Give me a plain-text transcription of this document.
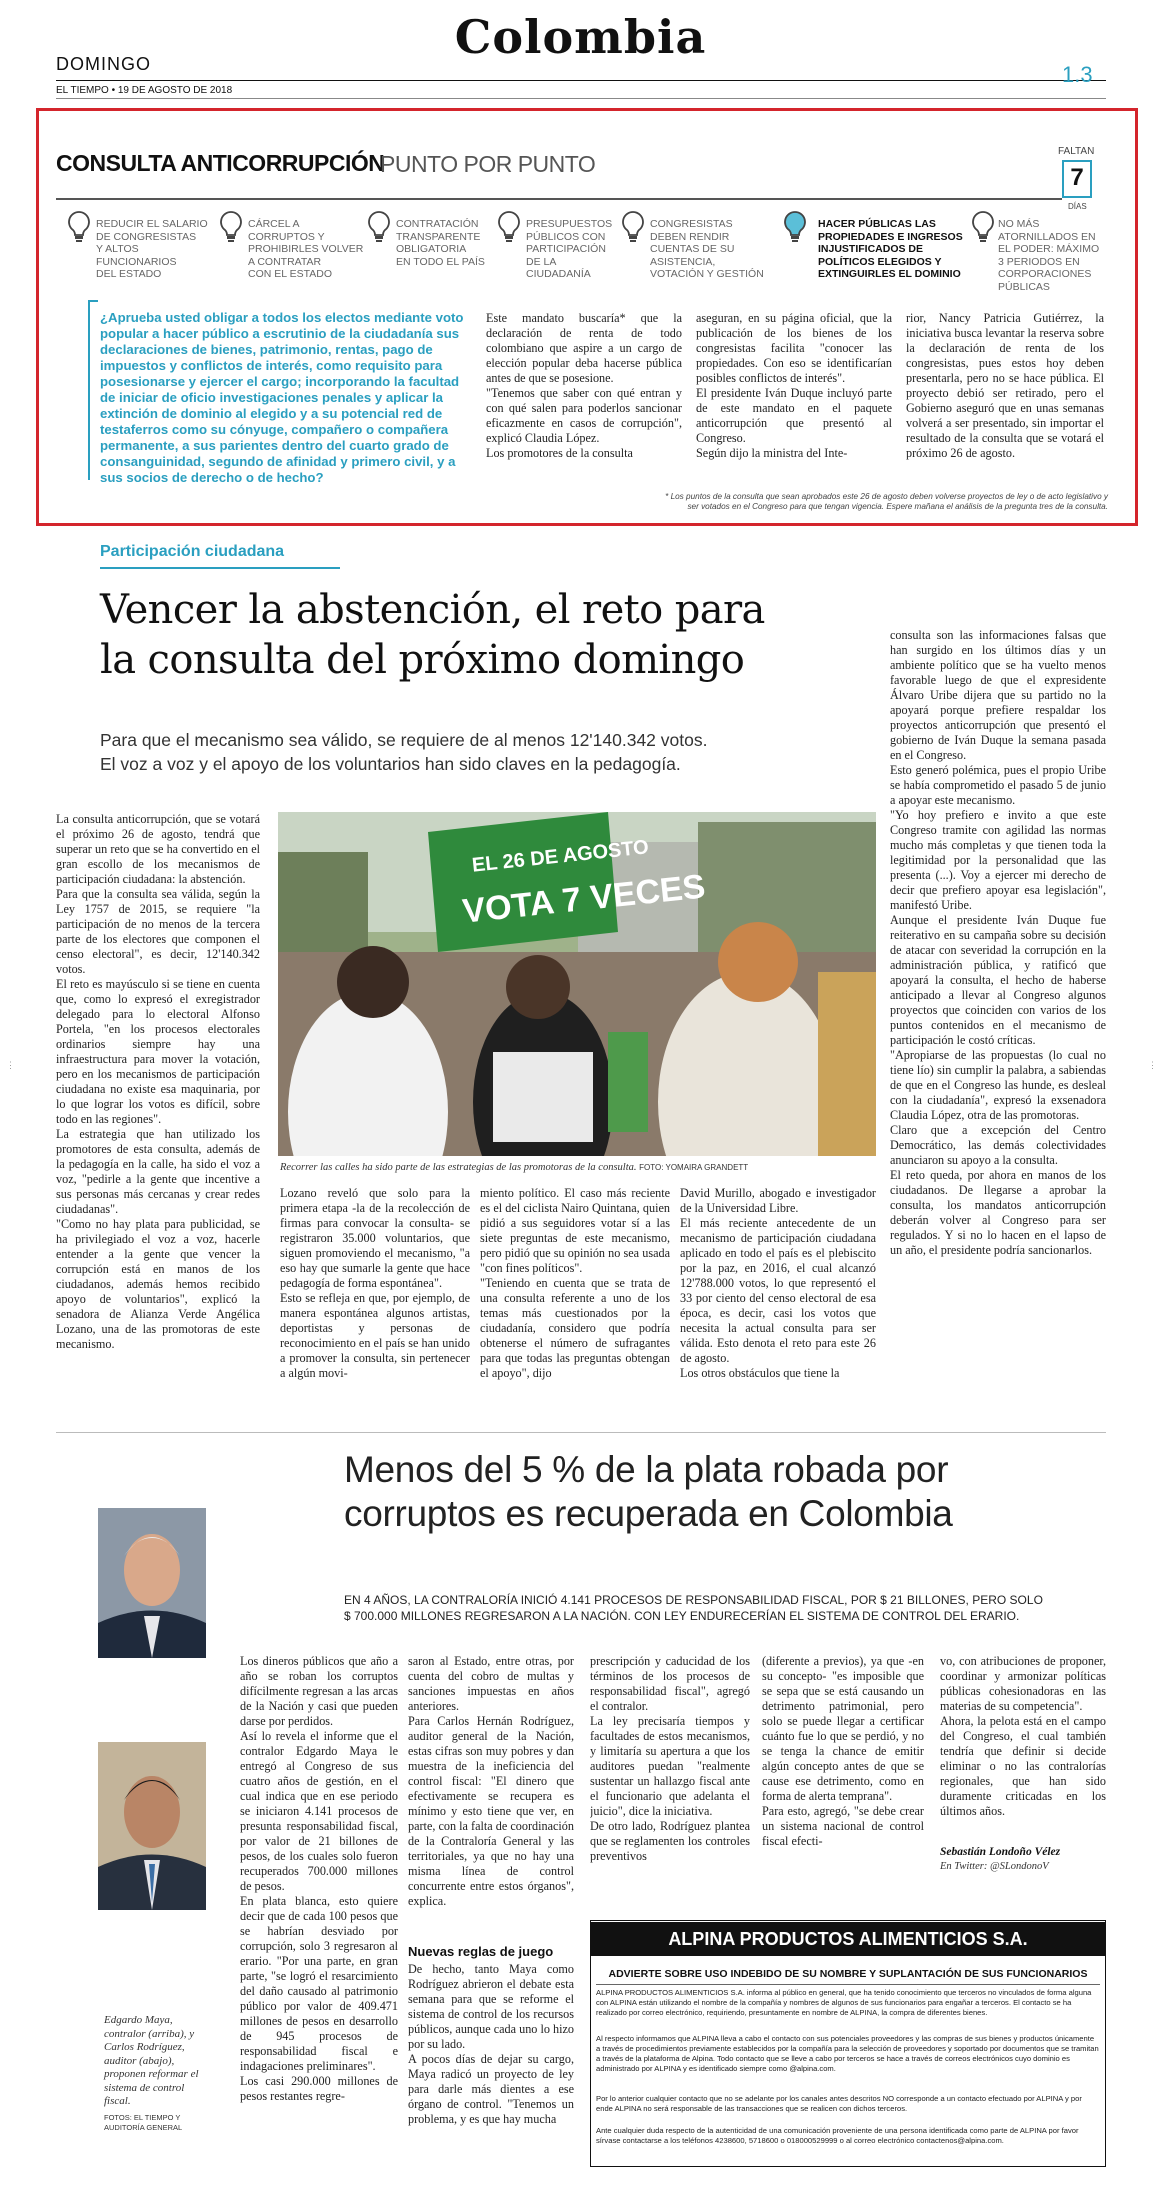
Colombia
DOMINGO
EL TIEMPO • 19 DE AGOSTO DE 2018
1.3
CONSULTA ANTICORRUPCIÓN
PUNTO POR PUNTO	FALTAN
7
DÍAS
REDUCIR EL SALARIO
DE CONGRESISTAS
Y ALTOS
FUNCIONARIOS
DEL ESTADO
CÁRCEL A
CORRUPTOS Y
PROHIBIRLES VOLVER
A CONTRATAR
CON EL ESTADO
CONTRATACIÓN
TRANSPARENTE
OBLIGATORIA
EN TODO EL PAÍS
PRESUPUESTOS
PÚBLICOS CON
PARTICIPACIÓN
DE LA
CIUDADANÍA
CONGRESISTAS
DEBEN RENDIR
CUENTAS DE SU
ASISTENCIA,
VOTACIÓN Y GESTIÓN
HACER PÚBLICAS LAS
PROPIEDADES E INGRESOS
INJUSTIFICADOS DE
POLÍTICOS ELEGIDOS Y
EXTINGUIRLES EL DOMINIO
NO MÁS
ATORNILLADOS EN
EL PODER: MÁXIMO
3 PERIODOS EN
CORPORACIONES
PÚBLICAS
¿Aprueba usted obligar a todos los electos mediante voto popular a hacer público a escrutinio de la ciudadanía sus declaraciones de bienes, patrimonio, rentas, pago de impuestos y conflictos de interés, como requisito para posesionarse y ejercer el cargo; incorporando la facultad de iniciar de oficio investigaciones penales y aplicar la extinción de dominio al elegido y a su potencial red de testaferros como su cónyuge, compañero o compañera permanente, a sus parientes dentro del cuarto grado de consanguinidad, segundo de afinidad y primero civil, y a sus socios de derecho o de hecho?
Este mandato buscaría* que la declaración de renta de todo colombiano que aspire a un cargo de elección popular deba hacerse pública antes de que se posesione.
"Tenemos que saber con qué entran y con qué salen para poderlos sancionar eficazmente en casos de corrupción", explicó Claudia López.
Los promotores de la consulta
aseguran, en su página oficial, que la publicación de los bienes de los congresistas facilita "conocer las propiedades. Con eso se identificarían posibles conflictos de interés".
El presidente Iván Duque incluyó parte de este mandato en el paquete anticorrupción que presentó al Congreso.
Según dijo la ministra del Inte-
rior, Nancy Patricia Gutiérrez, la iniciativa busca levantar la reserva sobre la declaración de renta de los congresistas, pues estos hoy deben presentarla, pero no se hace pública. El proyecto debió ser retirado, pero el Gobierno aseguró que en unas semanas volverá a ser presentado, sin importar el resultado de la consulta que se votará el próximo 26 de agosto.
* Los puntos de la consulta que sean aprobados este 26 de agosto deben volverse proyectos de ley o de acto legislativo y
ser votados en el Congreso para que tengan vigencia. Espere mañana el análisis de la pregunta tres de la consulta.
Participación ciudadana
Vencer la abstención, el reto para
la consulta del próximo domingo
Para que el mecanismo sea válido, se requiere de al menos 12'140.342 votos.
El voz a voz y el apoyo de los voluntarios han sido claves en la pedagogía.
La consulta anticorrupción, que se votará el próximo 26 de agosto, tendrá que superar un reto que se ha convertido en el gran escollo de los mecanismos de participación ciudadana: la abstención.
Para que la consulta sea válida, según la Ley 1757 de 2015, se requiere "la participación de no menos de la tercera parte de los electores que componen el censo electoral", es decir, 12'140.342 votos.
El reto es mayúsculo si se tiene en cuenta que, como lo expresó el exregistrador delegado para lo electoral Alfonso Portela, "en los procesos electorales ordinarios siempre hay una infraestructura para mover la votación, pero en los mecanismos de participación ciudadana no existe esa maquinaria, por lo que lograr los votos es difícil, sobre todo en las regiones".
La estrategia que han utilizado los promotores de esta consulta, además de la pedagogía en la calle, ha sido el voz a voz, "pedirle a la gente que incentive a sus personas más cercanas y crear redes ciudadanas".
"Como no hay plata para publicidad, se ha privilegiado el voz a voz, hacerle entender a la gente que vencer la corrupción está en manos de los ciudadanos, además hemos recibido apoyo de voluntarios", explicó la senadora de Alianza Verde Angélica Lozano, una de las promotoras de este mecanismo.
EL 26 DE AGOSTO
VOTA 7 VECES
Recorrer las calles ha sido parte de las estrategias de las promotoras de la consulta. FOTO: YOMAIRA GRANDETT
Lozano reveló que solo para la primera etapa -la de la recolección de firmas para convocar la consulta- se registraron 35.000 voluntarios, que siguen promoviendo el mecanismo, "a eso hay que sumarle la gente que hace pedagogía de forma espontánea".
Esto se refleja en que, por ejemplo, de manera espontánea algunos artistas, deportistas y personas de reconocimiento en el país se han unido a promover la consulta, sin pertenecer a algún movi-
miento político. El caso más reciente es el del ciclista Nairo Quintana, quien pidió a sus seguidores votar sí a las siete preguntas de este mecanismo, pero pidió que su opinión no sea usada "con fines políticos".
"Teniendo en cuenta que se trata de una consulta referente a uno de los temas más cuestionados por la ciudadanía, considero que podría obtenerse el número de sufragantes para que todas las preguntas obtengan el apoyo", dijo
David Murillo, abogado e investigador de la Universidad Libre.
El más reciente antecedente de un mecanismo de participación ciudadana aplicado en todo el país es el plebiscito por la paz, en 2016, el cual alcanzó 12'788.000 votos, lo que representó el 33 por ciento del censo electoral de esa época, es decir, casi los votos que necesita la actual consulta para ser válida. Esto denota el reto para este 26 de agosto.
Los otros obstáculos que tiene la
consulta son las informaciones falsas que han surgido en los últimos días y un ambiente político que se ha vuelto menos favorable luego de que el expresidente Álvaro Uribe dijera que su partido no la apoyará porque prefiere respaldar los proyectos anticorrupción que presentó el gobierno de Iván Duque la semana pasada en el Congreso.
Esto generó polémica, pues el propio Uribe se había comprometido el pasado 5 de junio a apoyar este mecanismo.
"Yo hoy prefiero e invito a que este Congreso tramite con agilidad las normas mucho más completas y que tienen toda la legitimidad por la personalidad que las presenta (...). Voy a ejercer mi derecho de decir que prefiero apoyar esa legislación", manifestó Uribe.
Aunque el presidente Iván Duque fue reiterativo en su campaña sobre su decisión de atacar con severidad la corrupción en la administración pública, y ratificó que apoyará la consulta, el hecho de haberse anticipado a llevar al Congreso algunos proyectos que coinciden con varios de los puntos contenidos en el mecanismo de participación le costó críticas.
"Apropiarse de las propuestas (lo cual no tiene lío) sin cumplir la palabra, a sabiendas de que en el Congreso las hunde, es desleal con la ciudadanía", expresó la exsenadora Claudia López, otra de las promotoras.
Claro que a excepción del Centro Democrático, las demás colectividades anunciaron su apoyo a la consulta.
El reto queda, por ahora en manos de los ciudadanos. De llegarse a aprobar la consulta, los mandatos anticorrupción deberán volver al Congreso para ser regulados. Y si no lo hacen en el lapso de un año, el presidente podría sancionarlos.
Menos del 5 % de la plata robada por
corruptos es recuperada en Colombia
EN 4 AÑOS, LA CONTRALORÍA INICIÓ 4.141 PROCESOS DE RESPONSABILIDAD FISCAL, POR $ 21 BILLONES, PERO SOLO
$ 700.000 MILLONES REGRESARON A LA NACIÓN. CON LEY ENDURECERÍAN EL SISTEMA DE CONTROL DEL ERARIO.
Edgardo Maya, contralor (arriba), y Carlos Rodríguez, auditor (abajo), proponen reformar el sistema de control fiscal.
FOTOS: EL TIEMPO Y
AUDITORÍA GENERAL
Los dineros públicos que año a año se roban los corruptos difícilmente regresan a las arcas de la Nación y casi que pueden darse por perdidos.
Así lo revela el informe que el contralor Edgardo Maya le entregó al Congreso de sus cuatro años de gestión, en el cual indica que en ese periodo se iniciaron 4.141 procesos de presunta responsabilidad fiscal, por valor de 21 billones de pesos, de los cuales solo fueron recuperados 700.000 millones de pesos.
En plata blanca, esto quiere decir que de cada 100 pesos que se habrían desviado por corrupción, solo 3 regresaron al erario. "Por una parte, en gran parte, "se logró el resarcimiento del daño causado al patrimonio público por valor de 409.471 millones de pesos en desarrollo de 945 procesos de responsabilidad fiscal e indagaciones preliminares".
Los casi 290.000 millones de pesos restantes regre-
saron al Estado, entre otras, por cuenta del cobro de multas y sanciones impuestas en años anteriores.
Para Carlos Hernán Rodríguez, auditor general de la Nación, estas cifras son muy pobres y dan muestra de la ineficiencia del control fiscal: "El dinero que efectivamente se recupera es mínimo y esto tiene que ver, en parte, con la falta de coordinación de la Contraloría General y las territoriales, ya que no hay una misma línea de control concurrente entre estos órganos", explica.
Nuevas reglas de juego
De hecho, tanto Maya como Rodríguez abrieron el debate esta semana para que se reforme el sistema de control de los recursos públicos, aunque cada uno lo hizo por su lado.
A pocos días de dejar su cargo, Maya radicó un proyecto de ley para darle más dientes a ese órgano de control. "Tenemos un problema, y es que hay mucha
prescripción y caducidad de los términos de los procesos de responsabilidad fiscal", agregó el contralor.
La ley precisaría tiempos y facultades de estos mecanismos, y limitaría su apertura a que los auditores puedan "realmente sustentar un hallazgo fiscal ante el funcionario que adelanta el juicio", dice la iniciativa.
De otro lado, Rodríguez plantea que se reglamenten los controles preventivos
(diferente a previos), ya que -en su concepto- "es imposible que se sepa que se está causando un detrimento patrimonial, pero solo se puede llegar a certificar cuánto fue lo que se perdió, y no se tenga la chance de emitir algún concepto antes de que se cause ese detrimento, como en forma de alerta temprana".
Para esto, agregó, "se debe crear un sistema nacional de control fiscal efecti-
vo, con atribuciones de proponer, coordinar y armonizar políticas públicas cohesionadoras en las materias de su competencia".
Ahora, la pelota está en el campo del Congreso, el cual también tendría que definir si decide eliminar o no las contralorías regionales, que han sido duramente criticadas en los últimos años.
Sebastián Londoño Vélez
En Twitter: @SLondonoV
ALPINA PRODUCTOS ALIMENTICIOS S.A.
ADVIERTE SOBRE USO INDEBIDO DE SU NOMBRE Y SUPLANTACIÓN DE SUS FUNCIONARIOS
ALPINA PRODUCTOS ALIMENTICIOS S.A. informa al público en general, que ha tenido conocimiento que terceros no vinculados de forma alguna con ALPINA están utilizando el nombre de la compañía y nombres de algunos de sus funcionarios para engañar a terceros. El contacto se ha realizado por correo electrónico, requiriendo, presuntamente en nombre de ALPINA, la compra de diferentes bienes.
Al respecto informamos que ALPINA lleva a cabo el contacto con sus potenciales proveedores y las compras de sus bienes y productos únicamente a través de procedimientos previamente establecidos por la compañía para la selección de proveedores y soportado por documentos que se tramitan a través de la plataforma de Alpina. Todo contacto que se lleve a cabo por terceros se hace a través de correos electrónicos cuyo dominio es administrado por ALPINA y es identificado siempre como @alpina.com.
Por lo anterior cualquier contacto que no se adelante por los canales antes descritos NO corresponde a un contacto efectuado por ALPINA y por ende ALPINA no será responsable de las transacciones que se realicen con dichos terceros.
Ante cualquier duda respecto de la autenticidad de una comunicación proveniente de una persona identificada como parte de ALPINA por favor sírvase contactarse a los teléfonos 4238600, 5718600 o 018000529999 o al correo electrónico contactenos@alpina.com.
⋮	⋮
